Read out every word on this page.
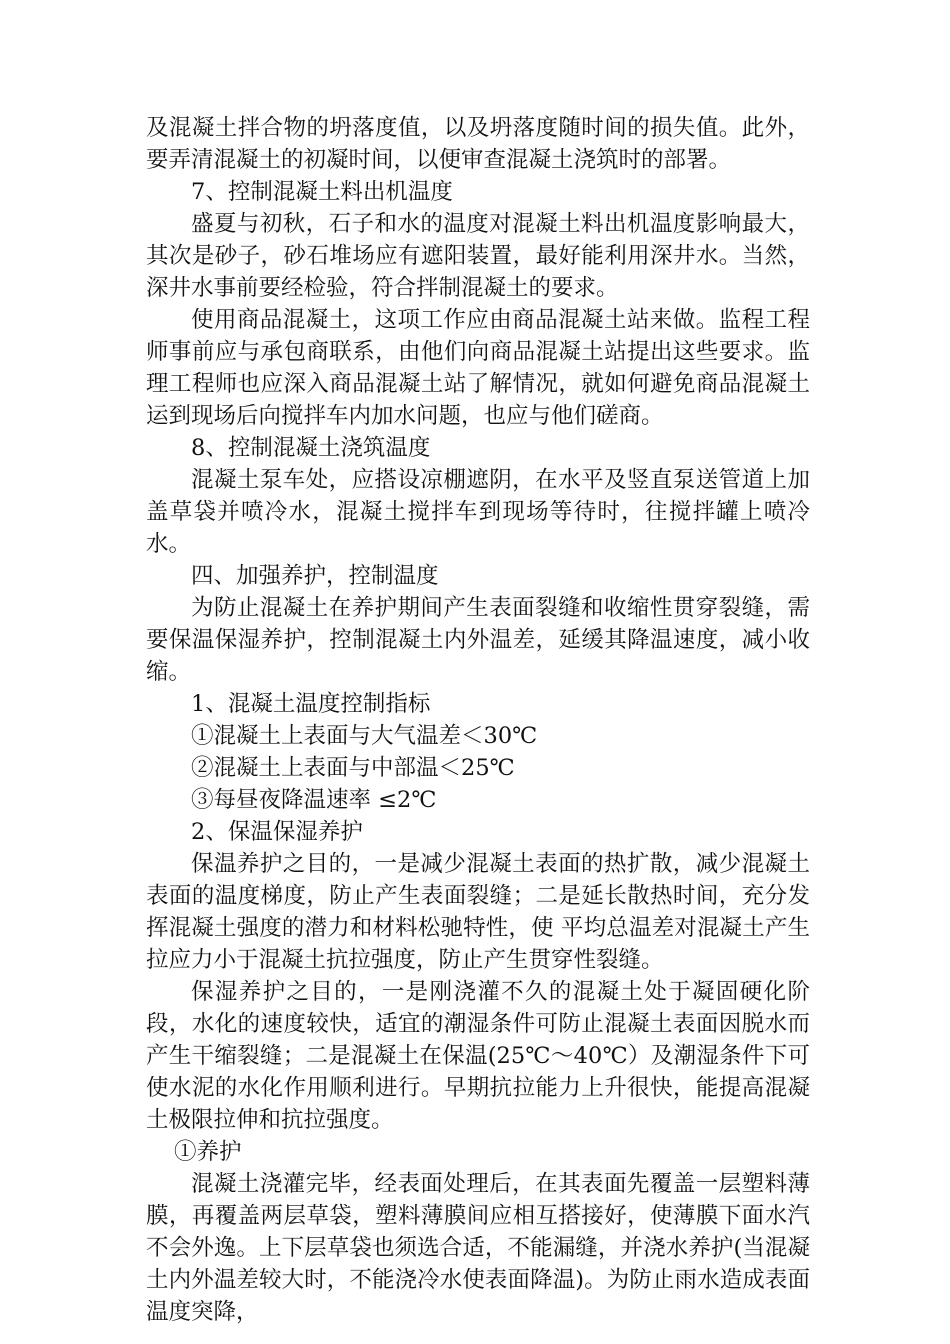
及混凝土拌合物的坍落度值，以及坍落度随时间的损失值。此外，要弄清混凝土的初凝时间，以便审查混凝土浇筑时的部署。

7、控制混凝土料出机温度

盛夏与初秋，石子和水的温度对混凝土料出机温度影响最大，其次是砂子，砂石堆场应有遮阳装置，最好能利用深井水。当然，深井水事前要经检验，符合拌制混凝土的要求。

使用商品混凝土，这项工作应由商品混凝土站来做。监程工程师事前应与承包商联系，由他们向商品混凝土站提出这些要求。监理工程师也应深入商品混凝土站了解情况，就如何避免商品混凝土运到现场后向搅拌车内加水问题，也应与他们磋商。

8、控制混凝土浇筑温度

混凝土泵车处，应搭设凉棚遮阴，在水平及竖直泵送管道上加盖草袋并喷冷水，混凝土搅拌车到现场等待时，往搅拌罐上喷冷水。

四、加强养护，控制温度

为防止混凝土在养护期间产生表面裂缝和收缩性贯穿裂缝，需要保温保湿养护，控制混凝土内外温差，延缓其降温速度，减小收缩。

1、混凝土温度控制指标

①混凝土上表面与大气温差＜30℃

②混凝土上表面与中部温＜25℃

③每昼夜降温速率 ≤2℃

2、保温保湿养护

保温养护之目的，一是减少混凝土表面的热扩散，减少混凝土表面的温度梯度，防止产生表面裂缝；二是延长散热时间，充分发挥混凝土强度的潜力和材料松驰特性，使 平均总温差对混凝土产生拉应力小于混凝土抗拉强度，防止产生贯穿性裂缝。

保湿养护之目的，一是刚浇灌不久的混凝土处于凝固硬化阶段，水化的速度较快，适宜的潮湿条件可防止混凝土表面因脱水而产生干缩裂缝；二是混凝土在保温(25℃～40℃）及潮湿条件下可使水泥的水化作用顺利进行。早期抗拉能力上升很快，能提高混凝土极限拉伸和抗拉强度。

①养护

混凝土浇灌完毕，经表面处理后，在其表面先覆盖一层塑料薄膜，再覆盖两层草袋，塑料薄膜间应相互搭接好，使薄膜下面水汽不会外逸。上下层草袋也须选合适，不能漏缝，并浇水养护(当混凝土内外温差较大时，不能浇冷水使表面降温)。为防止雨水造成表面温度突降，
